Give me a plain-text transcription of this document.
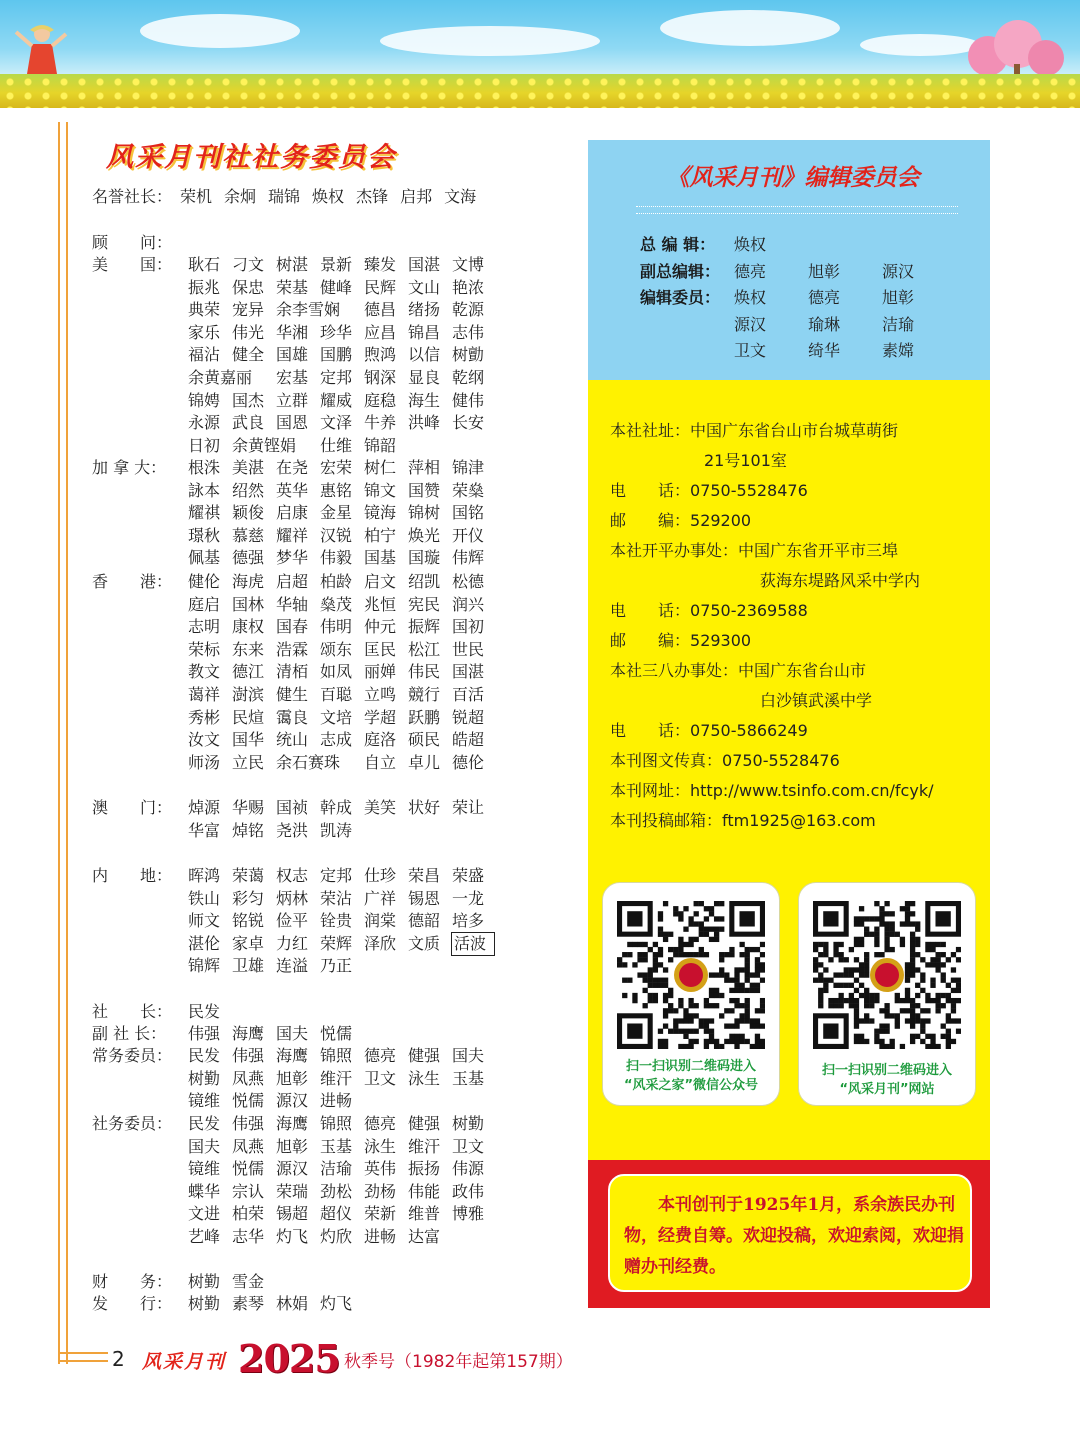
风采月刊社社务委员会
名誉社长： 荣机 余炯 瑞锦 焕权 杰锋 启邦 文海
顾　　问：
美　　国： 耿石 刁文 树湛 景新 臻发 国湛 文博
振兆 保忠 荣基 健峰 民辉 文山 艳浓
典荣 宠异 余李雪娴 德昌 绪扬 乾源
家乐 伟光 华湘 珍华 应昌 锦昌 志伟
福沾 健全 国雄 国鹏 煦鸿 以信 树勯
余黄嘉丽 宏基 定邦 钢深 显良 乾纲
锦娉 国杰 立群 耀威 庭稳 海生 健伟
永源 武良 国恩 文泽 牛养 洪峰 长安
日初 余黄铿娟 仕维 锦韶
加 拿 大：	根洙 美湛 在尧 宏荣 树仁 萍相 锦津
詠本 绍然 英华 惠铭 锦文 国赞 荣燊
耀祺 颖俊 启康 金星 镜海 锦树 国铭
璟秋 慕慈 耀祥 汉锐 柏宁 焕光 开仪
佩基 德强 梦华 伟毅 国基 国璇 伟辉
香　　港： 健伦 海虎 启超 柏龄 启文 绍凯 松德
庭启 国林 华轴 燊茂 兆恒 宪民 润兴
志明 康权 国春 伟明 仲元 振辉 国初
荣标 东来 浩霖 颂东 匡民 松江 世民
教文 德江 清栢 如凤 丽婵 伟民 国湛
蔼祥 澍滨 健生 百聪 立鸣 競行 百活
秀彬 民煊 霭良 文培 学超 跃鹏 锐超
汝文 国华 统山 志成 庭洛 硕民 皓超
师汤 立民 余石赛珠 自立 卓儿 德伦
澳　　门： 焯源 华赐 国祯 幹成 美笑 状好 荣让
华富 焯铭 尧洪 凯涛
内　　地： 晖鸿 荣蔼 权志 定邦 仕珍 荣昌 荣盛
铁山 彩匀 炳林 荣沾 广祥 锡恩 一龙
师文 铭锐 俭平 铨贵 润棠 德韶 培多
湛伦 家卓 力红 荣辉 泽欣 文质 活波
锦辉 卫雄 连溢 乃正
社　　长： 民发
副 社 长：	伟强 海鹰 国夫 悦儒
常务委员： 民发 伟强 海鹰 锦照 德亮 健强 国夫
树勤 凤燕 旭彰 维汗 卫文 泳生 玉基
镜维 悦儒 源汉 进畅
社务委员： 民发 伟强 海鹰 锦照 德亮 健强 树勤
国夫 凤燕 旭彰 玉基 泳生 维汗 卫文
镜维 悦儒 源汉 洁瑜 英伟 振扬 伟源
蝶华 宗认 荣瑞 劲松 劲杨 伟能 政伟
文进 柏荣 锡超 超仪 荣新 维普 博雅
艺峰 志华 灼飞 灼欣 进畅 达富
财　　务： 树勤 雪金
发　　行： 树勤 素琴 林娟 灼飞
2 风采月刊 2025 秋季号（1982年起第157期）
《风采月刊》编辑委员会
总 编 辑： 焕权
副总编辑： 德亮	旭彰	源汉
编辑委员： 焕权	德亮	旭彰
源汉	瑜琳	洁瑜
卫文	绮华	素嫦
本社社址：中国广东省台山市台城草萌街
21号101室
电　　话：0750-5528476
邮　　编：529200
本社开平办事处：中国广东省开平市三埠
荻海东堤路风采中学内
电　　话：0750-2369588
邮　　编：529300
本社三八办事处：中国广东省台山市
白沙镇武溪中学
电　　话：0750-5866249
本刊图文传真：0750-5528476
本刊网址：http://www.tsinfo.com.cn/fcyk/
本刊投稿邮箱：ftm1925@163.com
扫一扫识别二维码进入
“风采之家”微信公众号
扫一扫识别二维码进入
“风采月刊”网站
本刊创刊于1925年1月，系余族民办刊物，经费自筹。欢迎投稿，欢迎索阅，欢迎捐赠办刊经费。
